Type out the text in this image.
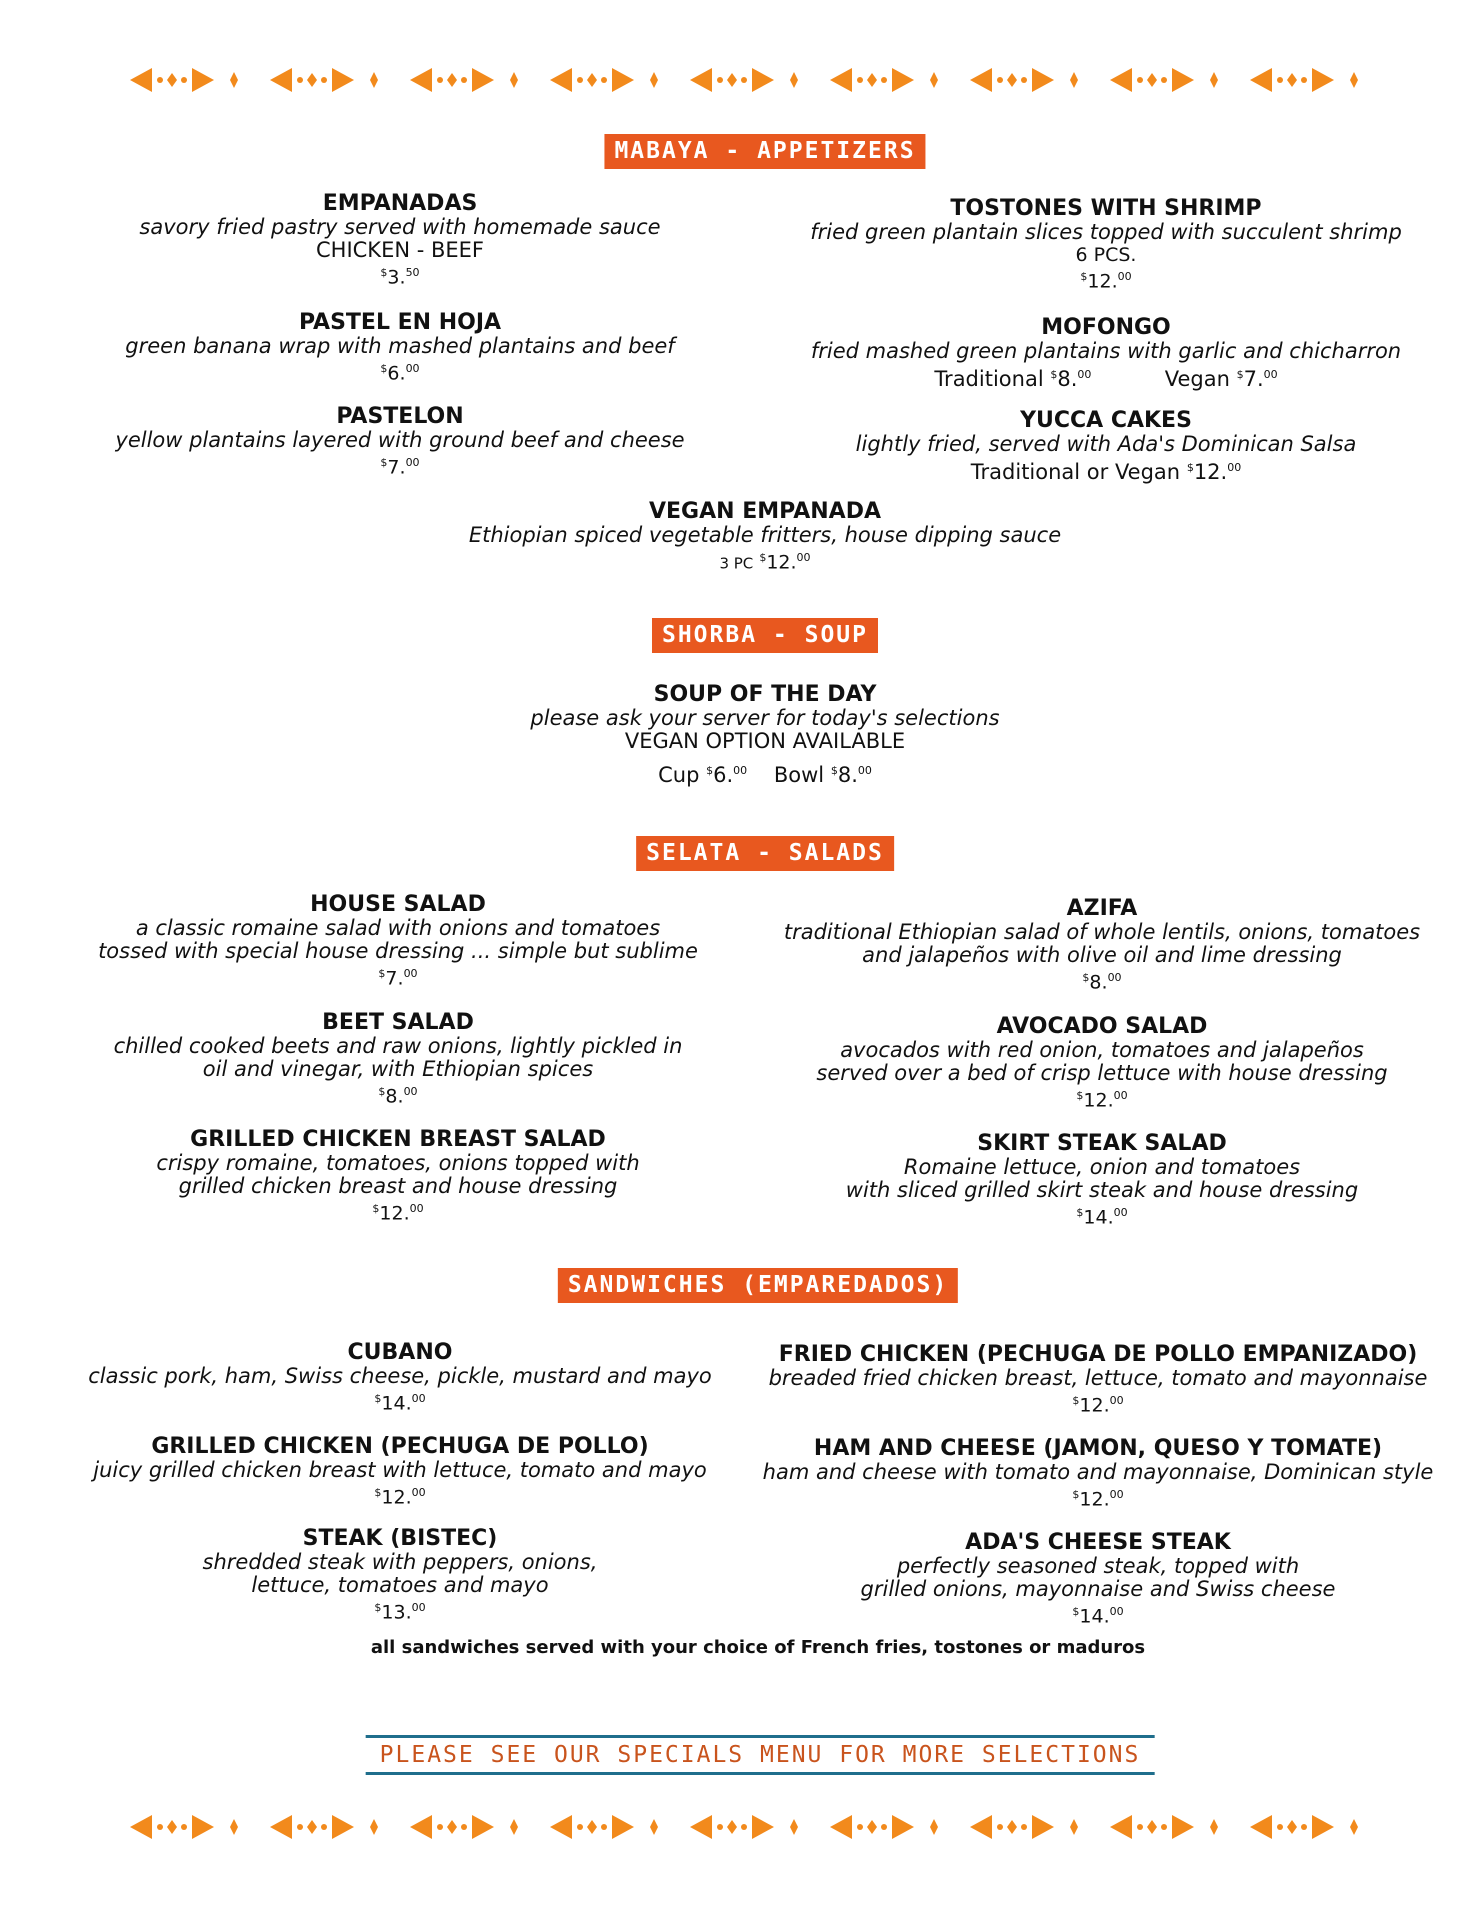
MABAYA - APPETIZERS
EMPANADAS
savory fried pastry served with homemade sauce
CHICKEN - BEEF
$3.50
TOSTONES WITH SHRIMP
fried green plantain slices topped with succulent shrimp
6 PCS.
$12.00
PASTEL EN HOJA
green banana wrap with mashed plantains and beef
$6.00
MOFONGO
fried mashed green plantains with garlic and chicharron
Traditional $8.00	Vegan $7.00
PASTELON
yellow plantains layered with ground beef and cheese
$7.00
YUCCA CAKES
lightly fried, served with Ada's Dominican Salsa
Traditional or Vegan $12.00
VEGAN EMPANADA
Ethiopian spiced vegetable fritters, house dipping sauce
3 PC $12.00
SHORBA - SOUP
SOUP OF THE DAY
please ask your server for today's selections
VEGAN OPTION AVAILABLE
Cup $6.00 Bowl $8.00
SELATA - SALADS
HOUSE SALAD
a classic romaine salad with onions and tomatoes
tossed with special house dressing ... simple but sublime
$7.00
AZIFA
traditional Ethiopian salad of whole lentils, onions, tomatoes
and jalapeños with olive oil and lime dressing
$8.00
BEET SALAD
chilled cooked beets and raw onions, lightly pickled in
oil and vinegar, with Ethiopian spices
$8.00
AVOCADO SALAD
avocados with red onion, tomatoes and jalapeños
served over a bed of crisp lettuce with house dressing
$12.00
GRILLED CHICKEN BREAST SALAD
crispy romaine, tomatoes, onions topped with
grilled chicken breast and house dressing
$12.00
SKIRT STEAK SALAD
Romaine lettuce, onion and tomatoes
with sliced grilled skirt steak and house dressing
$14.00
SANDWICHES (EMPAREDADOS)
CUBANO
classic pork, ham, Swiss cheese, pickle, mustard and mayo
$14.00
FRIED CHICKEN (PECHUGA DE POLLO EMPANIZADO)
breaded fried chicken breast, lettuce, tomato and mayonnaise
$12.00
GRILLED CHICKEN (PECHUGA DE POLLO)
juicy grilled chicken breast with lettuce, tomato and mayo
$12.00
HAM AND CHEESE (JAMON, QUESO Y TOMATE)
ham and cheese with tomato and mayonnaise, Dominican style
$12.00
STEAK (BISTEC)
shredded steak with peppers, onions,
lettuce, tomatoes and mayo
$13.00
ADA'S CHEESE STEAK
perfectly seasoned steak, topped with
grilled onions, mayonnaise and Swiss cheese
$14.00
all sandwiches served with your choice of French fries, tostones or maduros
PLEASE SEE OUR SPECIALS MENU FOR MORE SELECTIONS
